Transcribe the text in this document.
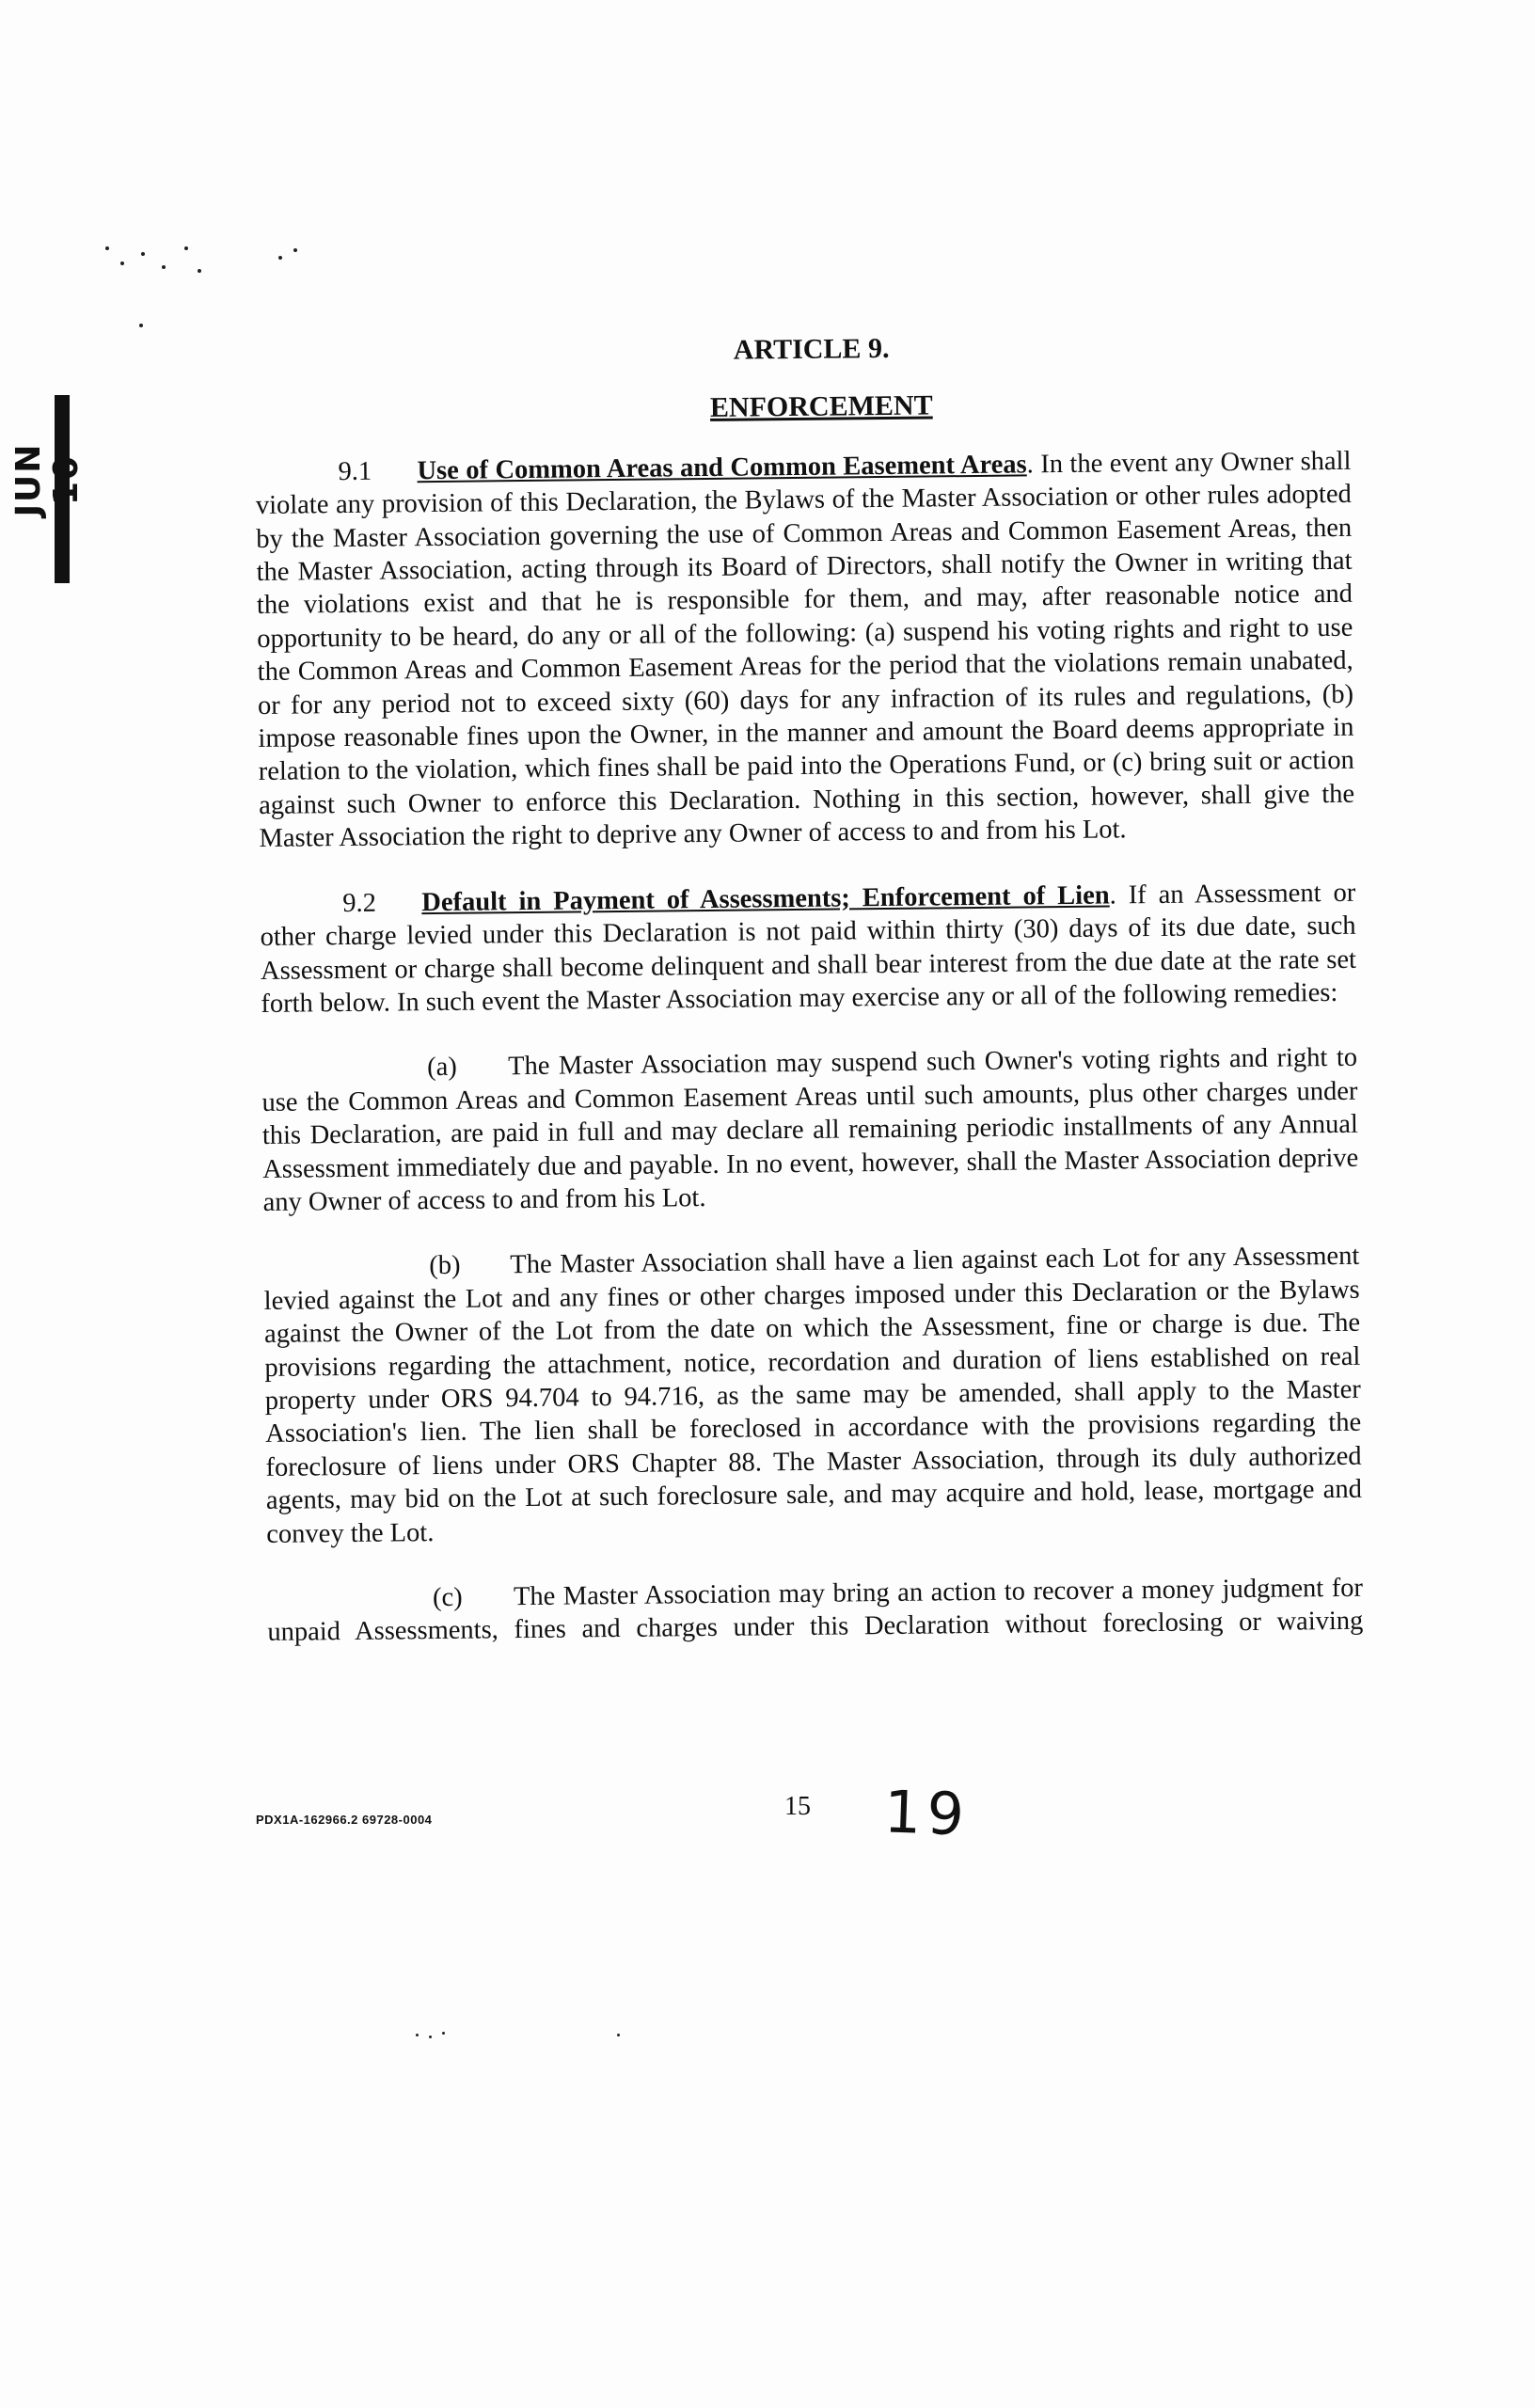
JUN 10
ARTICLE 9.
ENFORCEMENT

9.1 Use of Common Areas and Common Easement Areas. In the event any Owner shall violate any provision of this Declaration, the Bylaws of the Master Association or other rules adopted by the Master Association governing the use of Common Areas and Common Easement Areas, then the Master Association, acting through its Board of Directors, shall notify the Owner in writing that the violations exist and that he is responsible for them, and may, after reasonable notice and opportunity to be heard, do any or all of the following: (a) suspend his voting rights and right to use the Common Areas and Common Easement Areas for the period that the violations remain unabated, or for any period not to exceed sixty (60) days for any infraction of its rules and regulations, (b) impose reasonable fines upon the Owner, in the manner and amount the Board deems appropriate in relation to the violation, which fines shall be paid into the Operations Fund, or (c) bring suit or action against such Owner to enforce this Declaration. Nothing in this section, however, shall give the Master Association the right to deprive any Owner of access to and from his Lot.

9.2 Default in Payment of Assessments; Enforcement of Lien. If an Assessment or other charge levied under this Declaration is not paid within thirty (30) days of its due date, such Assessment or charge shall become delinquent and shall bear interest from the due date at the rate set forth below. In such event the Master Association may exercise any or all of the following remedies:

(a) The Master Association may suspend such Owner's voting rights and right to use the Common Areas and Common Easement Areas until such amounts, plus other charges under this Declaration, are paid in full and may declare all remaining periodic installments of any Annual Assessment immediately due and payable. In no event, however, shall the Master Association deprive any Owner of access to and from his Lot.

(b) The Master Association shall have a lien against each Lot for any Assessment levied against the Lot and any fines or other charges imposed under this Declaration or the Bylaws against the Owner of the Lot from the date on which the Assessment, fine or charge is due. The provisions regarding the attachment, notice, recordation and duration of liens established on real property under ORS 94.704 to 94.716, as the same may be amended, shall apply to the Master Association's lien. The lien shall be foreclosed in accordance with the provisions regarding the foreclosure of liens under ORS Chapter 88. The Master Association, through its duly authorized agents, may bid on the Lot at such foreclosure sale, and may acquire and hold, lease, mortgage and convey the Lot.

(c) The Master Association may bring an action to recover a money judgment for unpaid Assessments, fines and charges under this Declaration without foreclosing or waiving

PDX1A-162966.2 69728-0004	15 19
